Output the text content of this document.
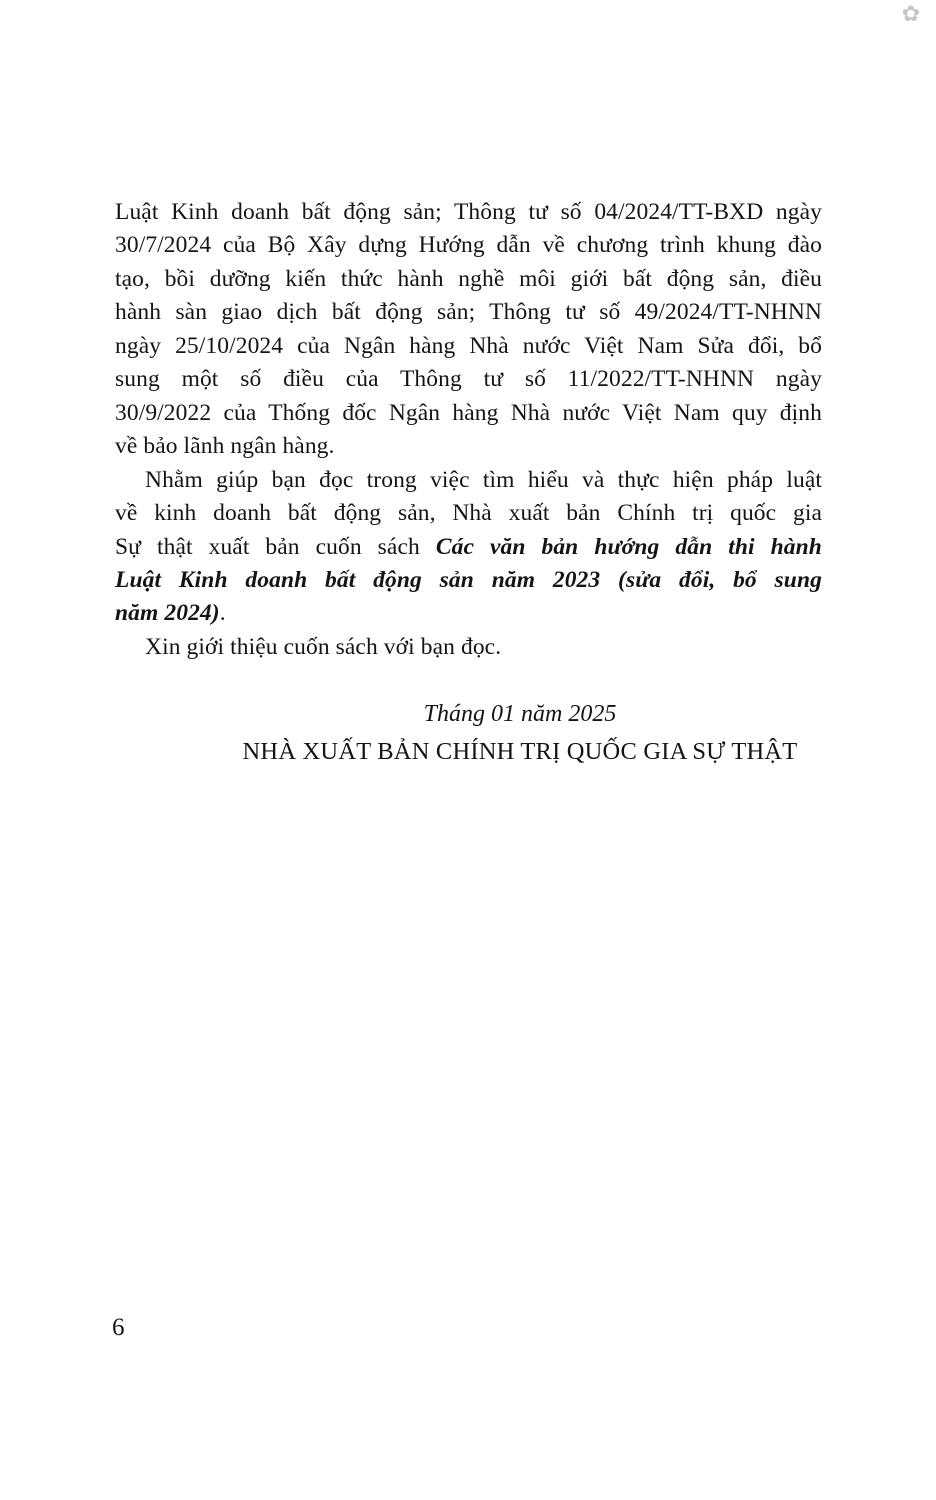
✿
Luật Kinh doanh bất động sản; Thông tư số 04/2024/TT-BXD ngày
30/7/2024 của Bộ Xây dựng Hướng dẫn về chương trình khung đào
tạo, bồi dưỡng kiến thức hành nghề môi giới bất động sản, điều
hành sàn giao dịch bất động sản; Thông tư số 49/2024/TT-NHNN
ngày 25/10/2024 của Ngân hàng Nhà nước Việt Nam Sửa đổi, bổ
sung một số điều của Thông tư số 11/2022/TT-NHNN ngày
30/9/2022 của Thống đốc Ngân hàng Nhà nước Việt Nam quy định
về bảo lãnh ngân hàng.
Nhằm giúp bạn đọc trong việc tìm hiểu và thực hiện pháp luật
về kinh doanh bất động sản, Nhà xuất bản Chính trị quốc gia
Sự thật xuất bản cuốn sách Các văn bản hướng dẫn thi hành
Luật Kinh doanh bất động sản năm 2023 (sửa đổi, bổ sung
năm 2024).
Xin giới thiệu cuốn sách với bạn đọc.
Tháng 01 năm 2025
NHÀ XUẤT BẢN CHÍNH TRỊ QUỐC GIA SỰ THẬT
6
